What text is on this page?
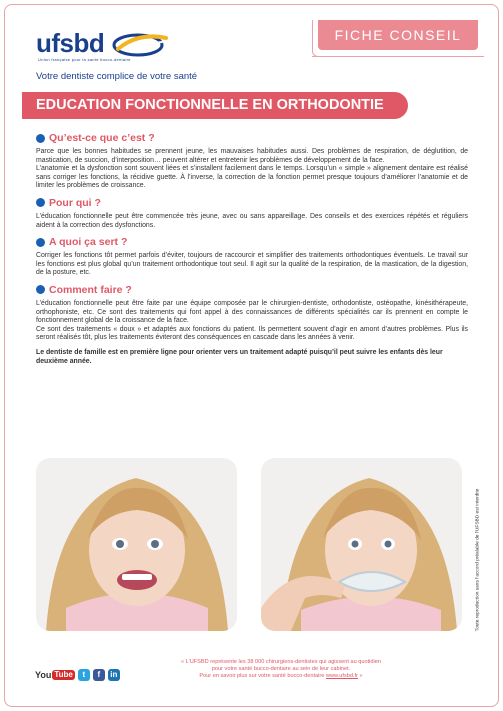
ufsbd
Union française pour la santé bucco-dentaire
Votre dentiste complice de votre santé
FICHE CONSEIL
EDUCATION FONCTIONNELLE EN ORTHODONTIE
Qu’est-ce que c’est ?

Parce que les bonnes habitudes se prennent jeune, les mauvaises habitudes aussi. Des problèmes de respiration, de déglutition, de mastication, de succion, d’interposition… peuvent altérer et entretenir les problèmes de développement de la face.

L’anatomie et la dysfonction sont souvent liées et s’installent facilement dans le temps. Lorsqu’un « simple » alignement dentaire est réalisé sans corriger les fonctions, la récidive guette. À l’inverse, la correction de la fonction permet presque toujours d’améliorer l’anatomie et de limiter les problèmes de croissance.

Pour qui ?

L’éducation fonctionnelle peut être commencée très jeune, avec ou sans appareillage. Des conseils et des exercices répétés et réguliers aident à la correction des dysfonctions.

A quoi ça sert ?

Corriger les fonctions tôt permet parfois d’éviter, toujours de raccourcir et simplifier des traitements orthodontiques éventuels. Le travail sur les fonctions est plus global qu’un traitement orthodontique tout seul. Il agit sur la qualité de la respiration, de la mastication, de la digestion, de la posture, etc.

Comment faire ?

L’éducation fonctionnelle peut être faite par une équipe composée par le chirurgien-dentiste, orthodontiste, ostéopathe, kinésithérapeute, orthophoniste, etc. Ce sont des traitements qui font appel à des connaissances de différents spécialités car ils prennent en compte le fonctionnement global de la croissance de la face.

Ce sont des traitements « doux » et adaptés aux fonctions du patient. Ils permettent souvent d’agir en amont d’autres problèmes. Plus ils seront réalisés tôt, plus les traitements éviteront des conséquences en cascade dans les années à venir.

Le dentiste de famille est en première ligne pour orienter vers un traitement adapté puisqu’il peut suivre les enfants dès leur deuxième année.

Toute reproduction sans l’accord préalable de l’UFSBD est interdite
You Tube	t	f	in
« L’UFSBD représente les 38 000 chirurgiens-dentistes qui agissent au quotidien
pour votre santé bucco-dentaire au sein de leur cabinet.
Pour en savoir plus sur votre santé bucco-dentaire www.ufsbd.fr »
